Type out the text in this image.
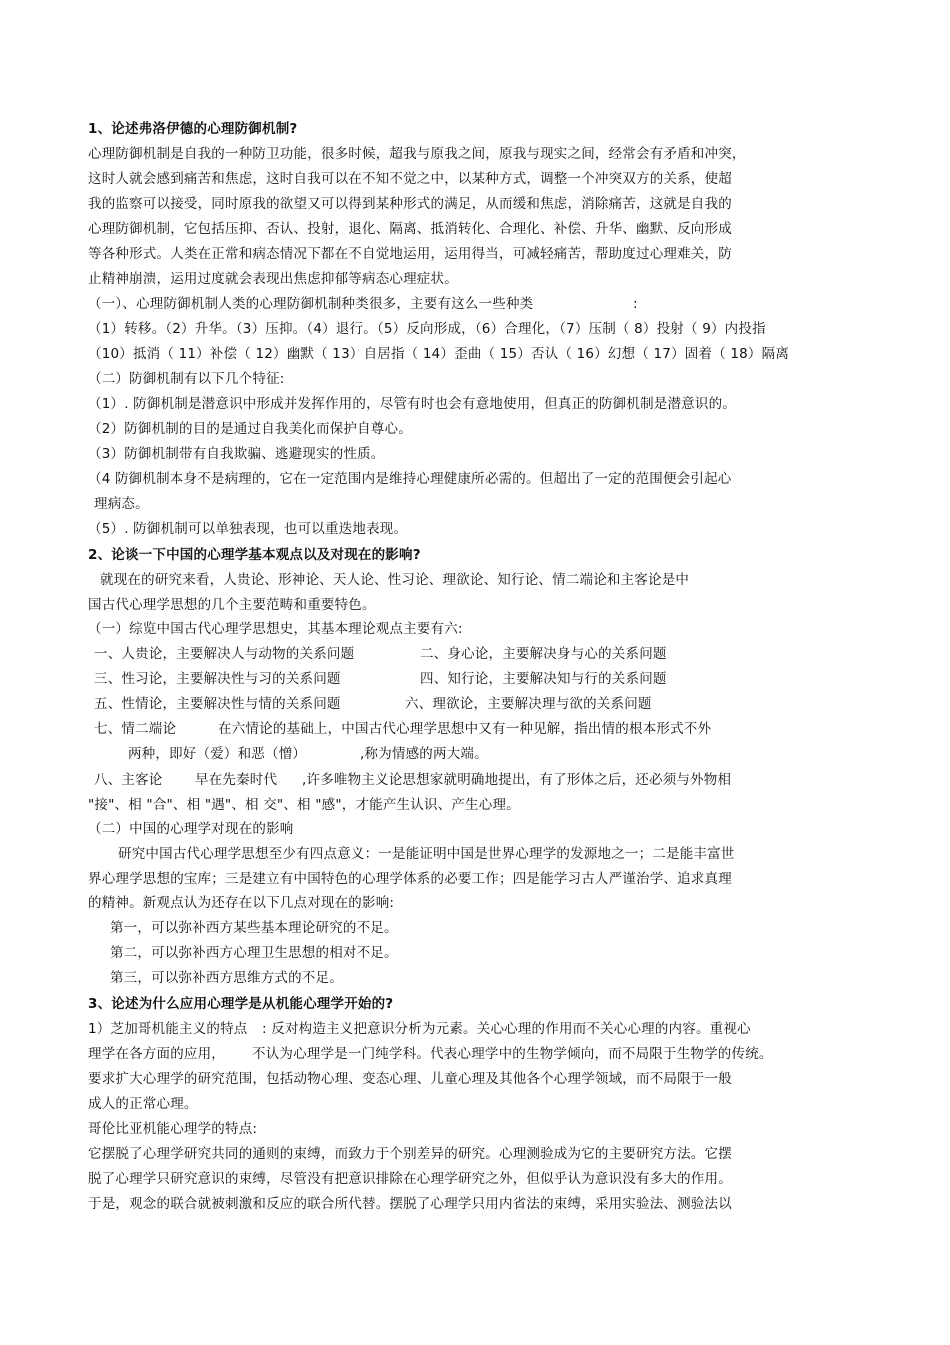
1、论述弗洛伊德的心理防御机制?
心理防御机制是自我的一种防卫功能，很多时候，超我与原我之间，原我与现实之间，经常会有矛盾和冲突，
这时人就会感到痛苦和焦虑，这时自我可以在不知不觉之中，以某种方式，调整一个冲突双方的关系，使超
我的监察可以接受，同时原我的欲望又可以得到某种形式的满足，从而缓和焦虑，消除痛苦，这就是自我的
心理防御机制，它包括压抑、否认、投射，退化、隔离、抵消转化、合理化、补偿、升华、幽默、反向形成
等各种形式。人类在正常和病态情况下都在不自觉地运用，运用得当，可减轻痛苦，帮助度过心理难关，防
止精神崩溃，运用过度就会表现出焦虑抑郁等病态心理症状。
（一）、心理防御机制人类的心理防御机制种类很多，主要有这么一些种类	:
（1）转移。（2）升华。（3）压抑。（4）退行。（5）反向形成，（6）合理化，（7）压制（ 8）投射（ 9）内投指
（10）抵消（ 11）补偿（ 12）幽默（ 13）自居指（ 14）歪曲（ 15）否认（ 16）幻想（ 17）固着（ 18）隔离
（二）防御机制有以下几个特征:
（1）. 防御机制是潜意识中形成并发挥作用的，尽管有时也会有意地使用，但真正的防御机制是潜意识的。
（2）防御机制的目的是通过自我美化而保护自尊心。
（3）防御机制带有自我欺骗、逃避现实的性质。
（4 防御机制本身不是病理的，它在一定范围内是维持心理健康所必需的。但超出了一定的范围便会引起心
理病态。
（5）. 防御机制可以单独表现，也可以重迭地表现。
2、论谈一下中国的心理学基本观点以及对现在的影响?
就现在的研究来看，人贵论、形神论、天人论、性习论、理欲论、知行论、情二端论和主客论是中
国古代心理学思想的几个主要范畴和重要特色。
（一）综览中国古代心理学思想史，其基本理论观点主要有六:
一、人贵论，主要解决人与动物的关系问题	二、身心论，主要解决身与心的关系问题
三、性习论，主要解决性与习的关系问题	四、知行论，主要解决知与行的关系问题
五、性情论，主要解决性与情的关系问题	六、理欲论，主要解决理与欲的关系问题
七、情二端论	在六情论的基础上，中国古代心理学思想中又有一种见解，指出情的根本形式不外
两种，即好（爱）和恶（憎）	,称为情感的两大端。
八、主客论 早在先秦时代 ,许多唯物主义论思想家就明确地提出，有了形体之后，还必须与外物相
"接"、相 "合"、相 "遇"、相 交"、相 "感"，才能产生认识、产生心理。
（二）中国的心理学对现在的影响
研究中国古代心理学思想至少有四点意义：一是能证明中国是世界心理学的发源地之一；二是能丰富世
界心理学思想的宝库；三是建立有中国特色的心理学体系的必要工作；四是能学习古人严谨治学、追求真理
的精神。新观点认为还存在以下几点对现在的影响:
第一，可以弥补西方某些基本理论研究的不足。
第二，可以弥补西方心理卫生思想的相对不足。
第三，可以弥补西方思维方式的不足。
3、论述为什么应用心理学是从机能心理学开始的?
1）芝加哥机能主义的特点 : 反对构造主义把意识分析为元素。关心心理的作用而不关心心理的内容。重视心
理学在各方面的应用， 不认为心理学是一门纯学科。代表心理学中的生物学倾向，而不局限于生物学的传统。
要求扩大心理学的研究范围，包括动物心理、变态心理、儿童心理及其他各个心理学领域，而不局限于一般
成人的正常心理。
哥伦比亚机能心理学的特点:
它摆脱了心理学研究共同的通则的束缚，而致力于个别差异的研究。心理测验成为它的主要研究方法。它摆
脱了心理学只研究意识的束缚，尽管没有把意识排除在心理学研究之外，但似乎认为意识没有多大的作用。
于是，观念的联合就被刺激和反应的联合所代替。摆脱了心理学只用内省法的束缚，采用实验法、测验法以
